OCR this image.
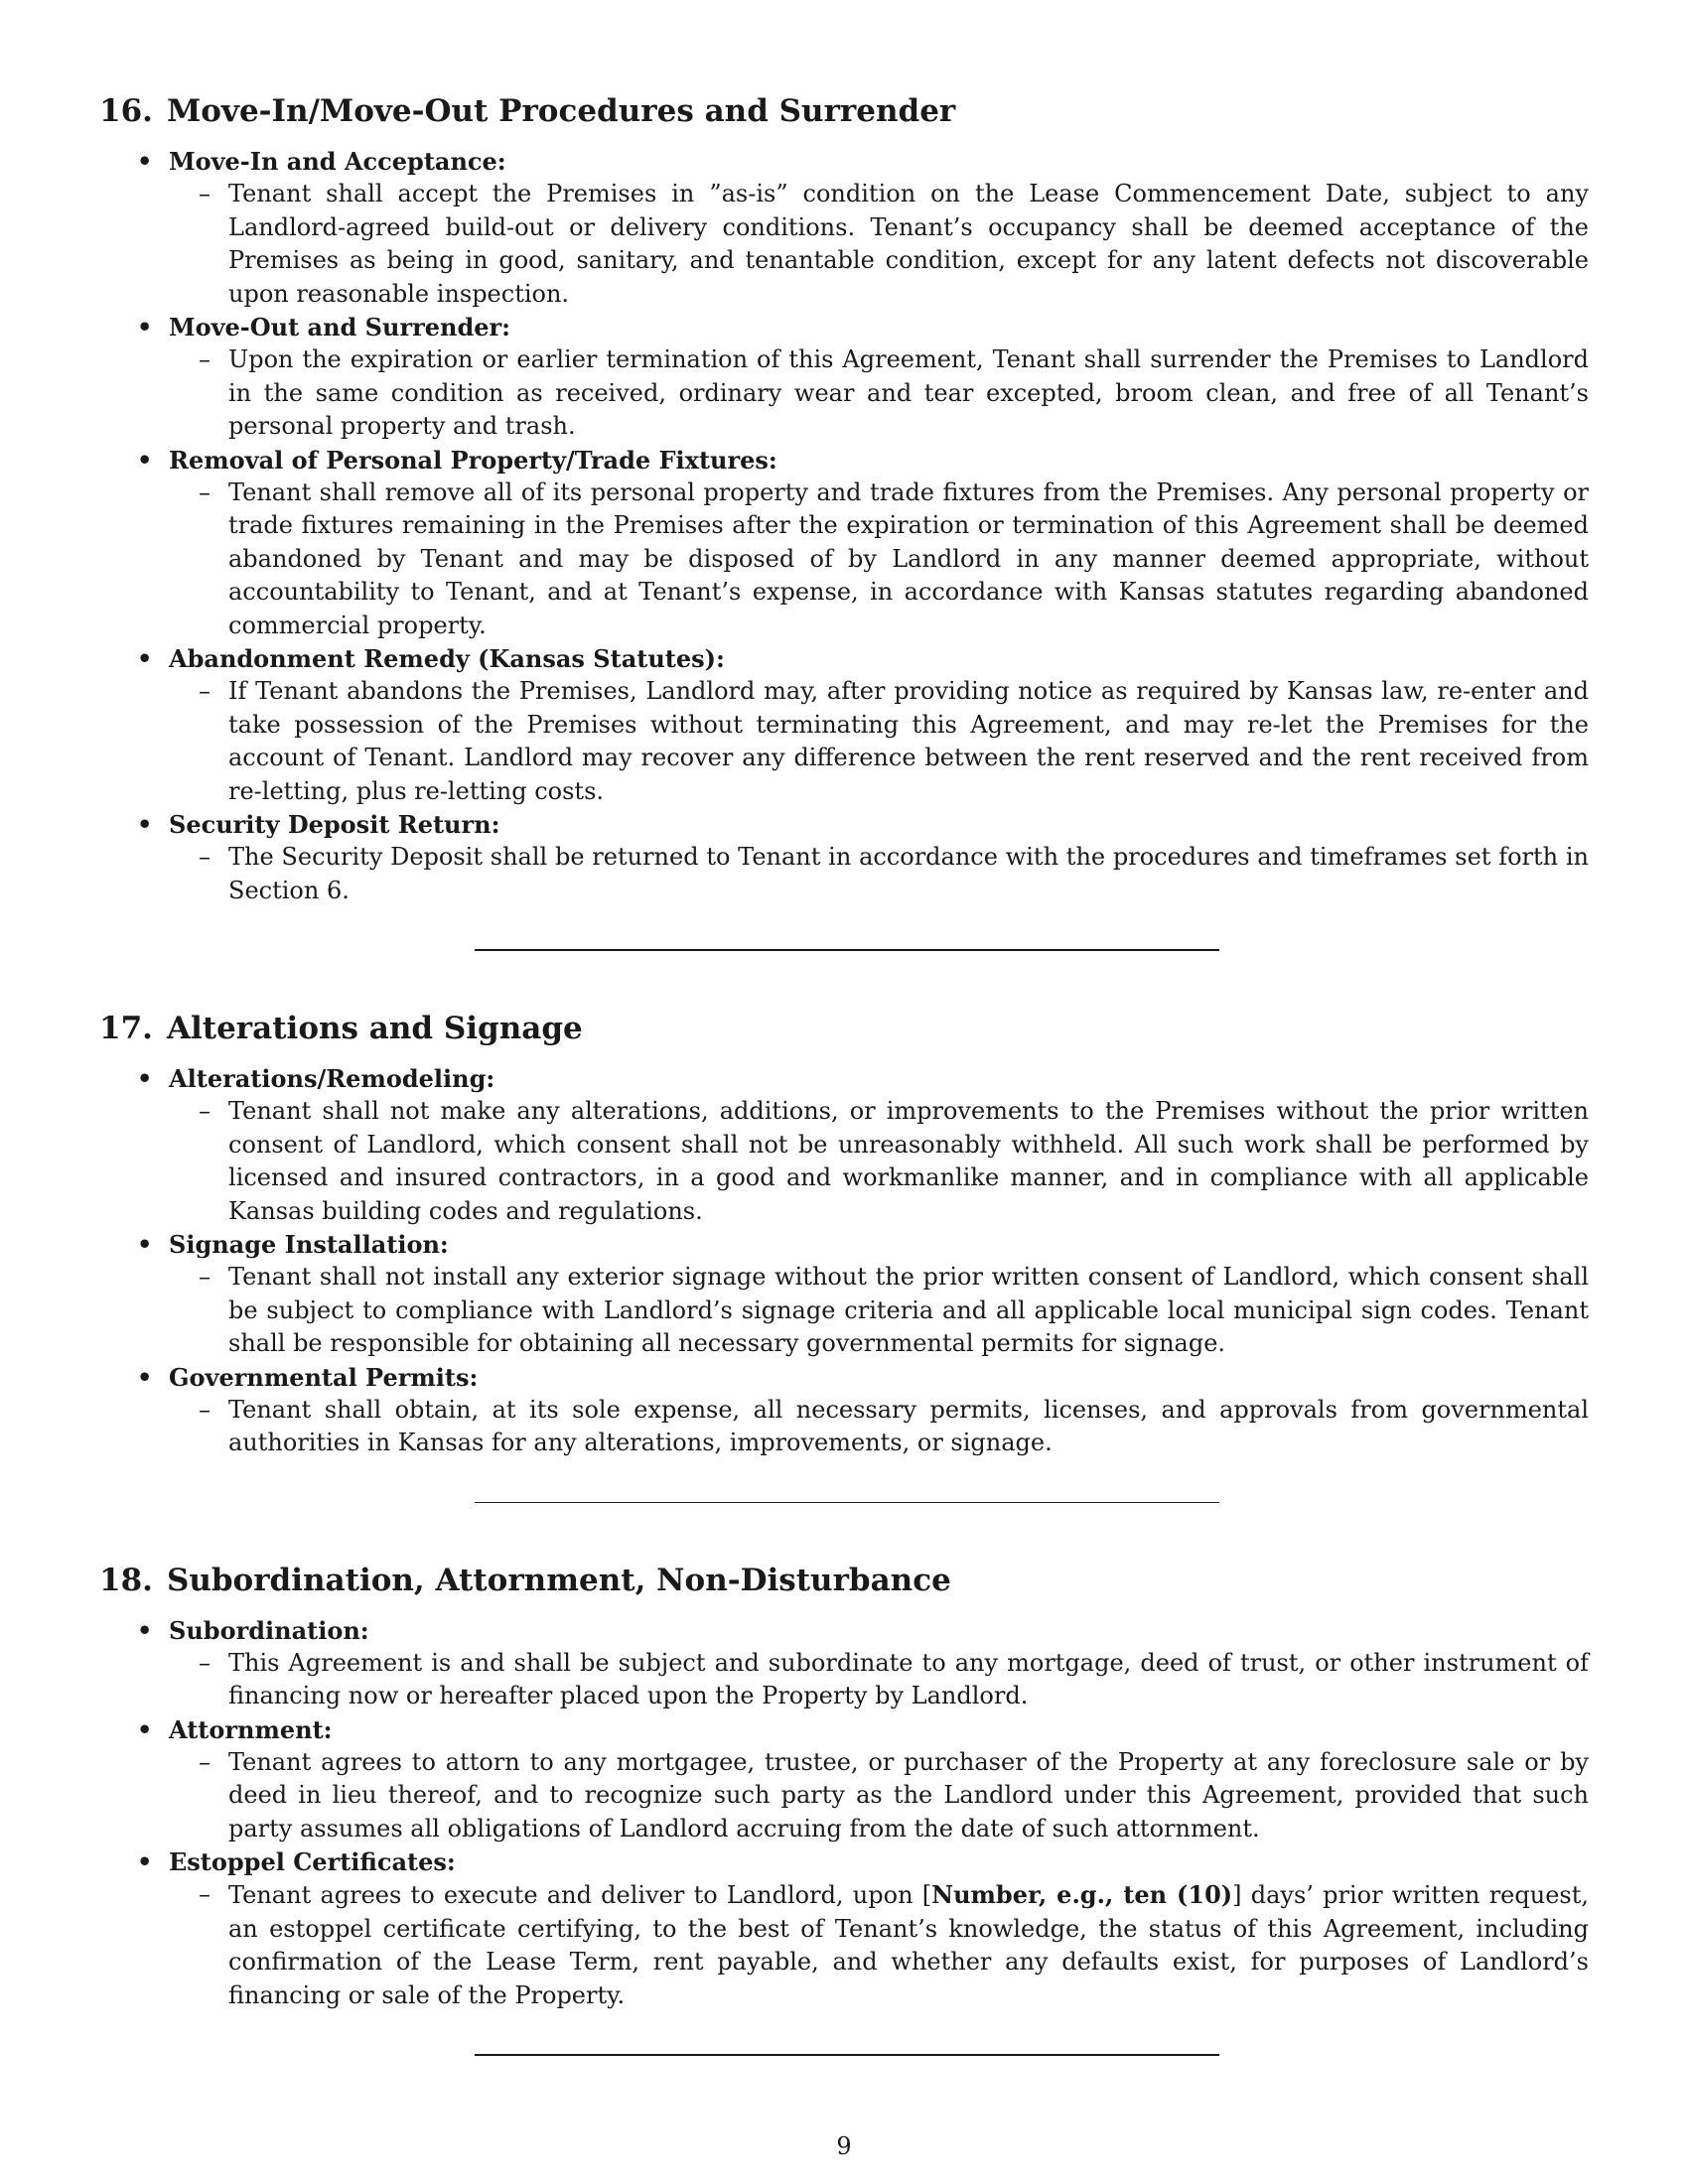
16. Move-In/Move-Out Procedures and Surrender
• Move-In and Acceptance:
– Tenant shall accept the Premises in ”as-is” condition on the Lease Commencement Date, subject to any Landlord-agreed build-out or delivery conditions. Tenant’s occupancy shall be deemed acceptance of the Premises as being in good, sanitary, and tenantable condition, except for any latent defects not discoverable upon reasonable inspection.
• Move-Out and Surrender:
– Upon the expiration or earlier termination of this Agreement, Tenant shall surrender the Premises to Landlord in the same condition as received, ordinary wear and tear excepted, broom clean, and free of all Tenant’s personal property and trash.
• Removal of Personal Property/Trade Fixtures:
– Tenant shall remove all of its personal property and trade fixtures from the Premises. Any personal property or trade fixtures remaining in the Premises after the expiration or termination of this Agreement shall be deemed abandoned by Tenant and may be disposed of by Landlord in any manner deemed appropriate, without accountability to Tenant, and at Tenant’s expense, in accordance with Kansas statutes regarding abandoned commercial property.
• Abandonment Remedy (Kansas Statutes):
– If Tenant abandons the Premises, Landlord may, after providing notice as required by Kansas law, re-enter and take possession of the Premises without terminating this Agreement, and may re-let the Premises for the account of Tenant. Landlord may recover any difference between the rent reserved and the rent received from re-letting, plus re-letting costs.
• Security Deposit Return:
– The Security Deposit shall be returned to Tenant in accordance with the procedures and timeframes set forth in Section 6.
17. Alterations and Signage
• Alterations/Remodeling:
– Tenant shall not make any alterations, additions, or improvements to the Premises without the prior written consent of Landlord, which consent shall not be unreasonably withheld. All such work shall be performed by licensed and insured contractors, in a good and workmanlike manner, and in compliance with all applicable Kansas building codes and regulations.
• Signage Installation:
– Tenant shall not install any exterior signage without the prior written consent of Landlord, which consent shall be subject to compliance with Landlord’s signage criteria and all applicable local municipal sign codes. Tenant shall be responsible for obtaining all necessary governmental permits for signage.
• Governmental Permits:
– Tenant shall obtain, at its sole expense, all necessary permits, licenses, and approvals from governmental authorities in Kansas for any alterations, improvements, or signage.
18. Subordination, Attornment, Non-Disturbance
• Subordination:
– This Agreement is and shall be subject and subordinate to any mortgage, deed of trust, or other instrument of financing now or hereafter placed upon the Property by Landlord.
• Attornment:
– Tenant agrees to attorn to any mortgagee, trustee, or purchaser of the Property at any foreclosure sale or by deed in lieu thereof, and to recognize such party as the Landlord under this Agreement, provided that such party assumes all obligations of Landlord accruing from the date of such attornment.
• Estoppel Certificates:
– Tenant agrees to execute and deliver to Landlord, upon [Number, e.g., ten (10)] days’ prior written request, an estoppel certificate certifying, to the best of Tenant’s knowledge, the status of this Agreement, including confirmation of the Lease Term, rent payable, and whether any defaults exist, for purposes of Landlord’s financing or sale of the Property.
9
